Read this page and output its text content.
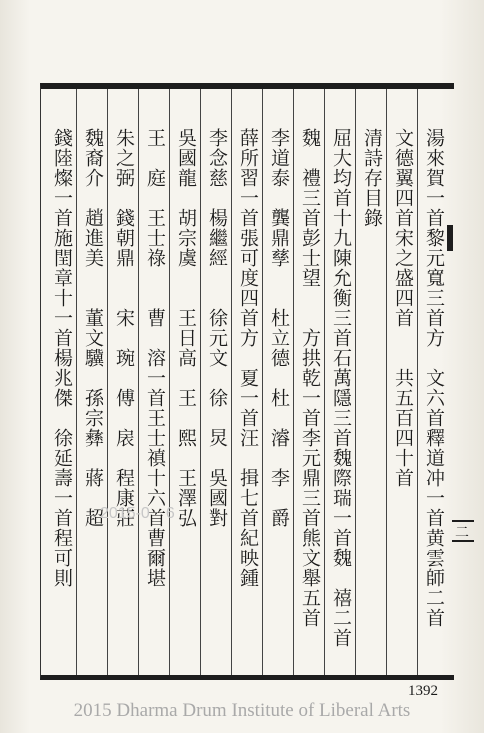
湯來賀一首黎元寬三首方　文六首釋道冲一首黄雲師二首
文德翼四首宋之盛四首　　共五百四十首
清詩存目錄
屈大均首十九陳允衡三首石萬隱三首魏際瑞一首魏　禧二首
魏　禮三首彭士望　　方拱乾一首李元鼎三首熊文舉五首
李道泰　龔鼎孳　　杜立德　杜　濬　李　爵
薛所習一首張可度四首方　夏一首汪　揖七首紀映鍾
李念慈　楊繼經　　徐元文　徐　炅　吳國對
吳國龍　胡宗虞　　王日高　王　熙　王澤弘
王　庭　王士祿　　曹　溶一首王士禛十六首曹爾堪
朱之弼　錢朝鼎　　宋　琬　傅　扆　程康莊
魏裔介　趙進美　　董文驥　孫宗彝　蔣　超
錢陸燦一首施閏章十一首楊兆傑　徐延壽一首程可則	二
2015-0　6
1392
2015 Dharma Drum Institute of Liberal Arts
